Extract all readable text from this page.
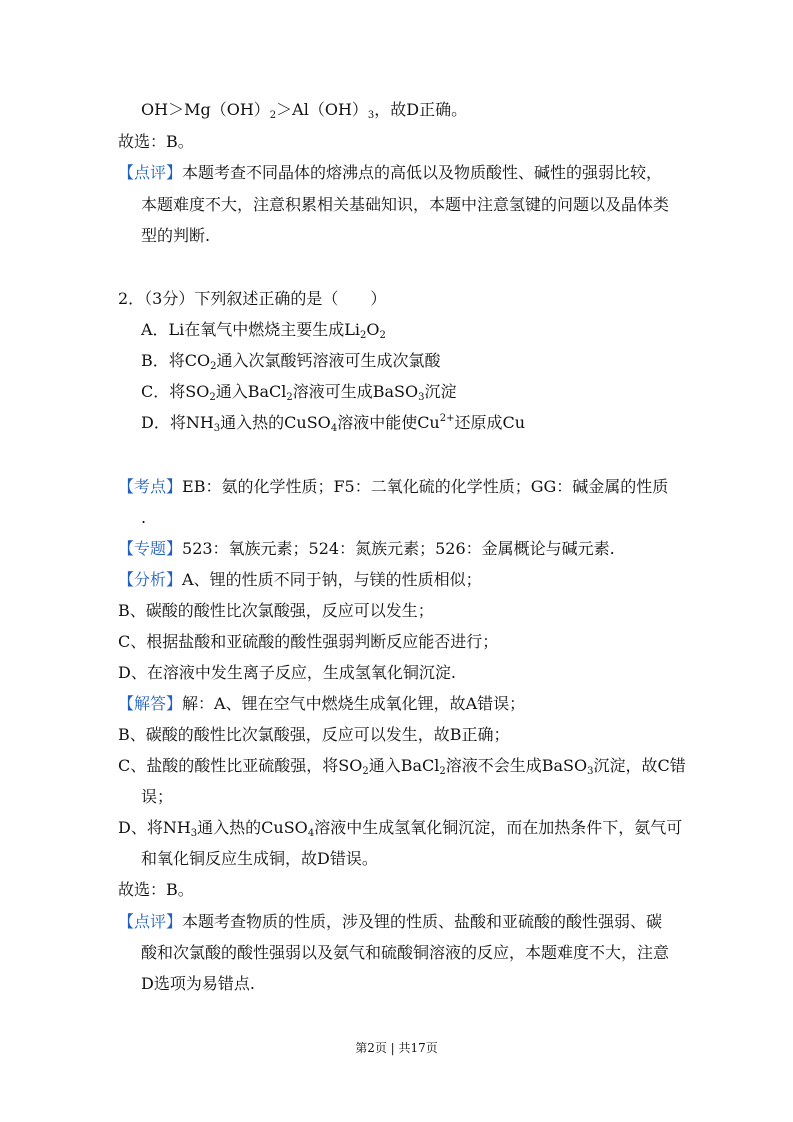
$OH>Mg(OH)_2>Al(OH)_3$，故D正确。
故选：B。
【点评】本题考查不同晶体的熔沸点的高低以及物质酸性、碱性的强弱比较，
本题难度不大，注意积累相关基础知识，本题中注意氢键的问题以及晶体类
型的判断.
2．（3分）下列叙述正确的是（　　）
A．Li在氧气中燃烧主要生成$Li_2O_2$
B．将$CO_2$通入次氯酸钙溶液可生成次氯酸
C．将$SO_2$通入BaCl$_2$溶液可生成BaSO$_3$沉淀
D．将$NH_3$通入热的CuSO$_4$溶液中能使$Cu^{2+}$还原成Cu
【考点】EB：氨的化学性质；F5：二氧化硫的化学性质；GG：碱金属的性质
.
【专题】523：氧族元素；524：氮族元素；526：金属概论与碱元素.
【分析】A、锂的性质不同于钠，与镁的性质相似；
B、碳酸的酸性比次氯酸强，反应可以发生；
C、根据盐酸和亚硫酸的酸性强弱判断反应能否进行；
D、在溶液中发生离子反应，生成氢氧化铜沉淀.
【解答】解：A、锂在空气中燃烧生成氧化锂，故A错误；
B、碳酸的酸性比次氯酸强，反应可以发生，故B正确；
C、盐酸的酸性比亚硫酸强，将$SO_2$通入BaCl$_2$溶液不会生成BaSO$_3$沉淀，故C错
误；
D、将$NH_3$通入热的CuSO$_4$溶液中生成氢氧化铜沉淀，而在加热条件下，氨气可
和氧化铜反应生成铜，故D错误。
故选：B。
【点评】本题考查物质的性质，涉及锂的性质、盐酸和亚硫酸的酸性强弱、碳
酸和次氯酸的酸性强弱以及氨气和硫酸铜溶液的反应，本题难度不大，注意
D选项为易错点.
第2页 | 共17页
